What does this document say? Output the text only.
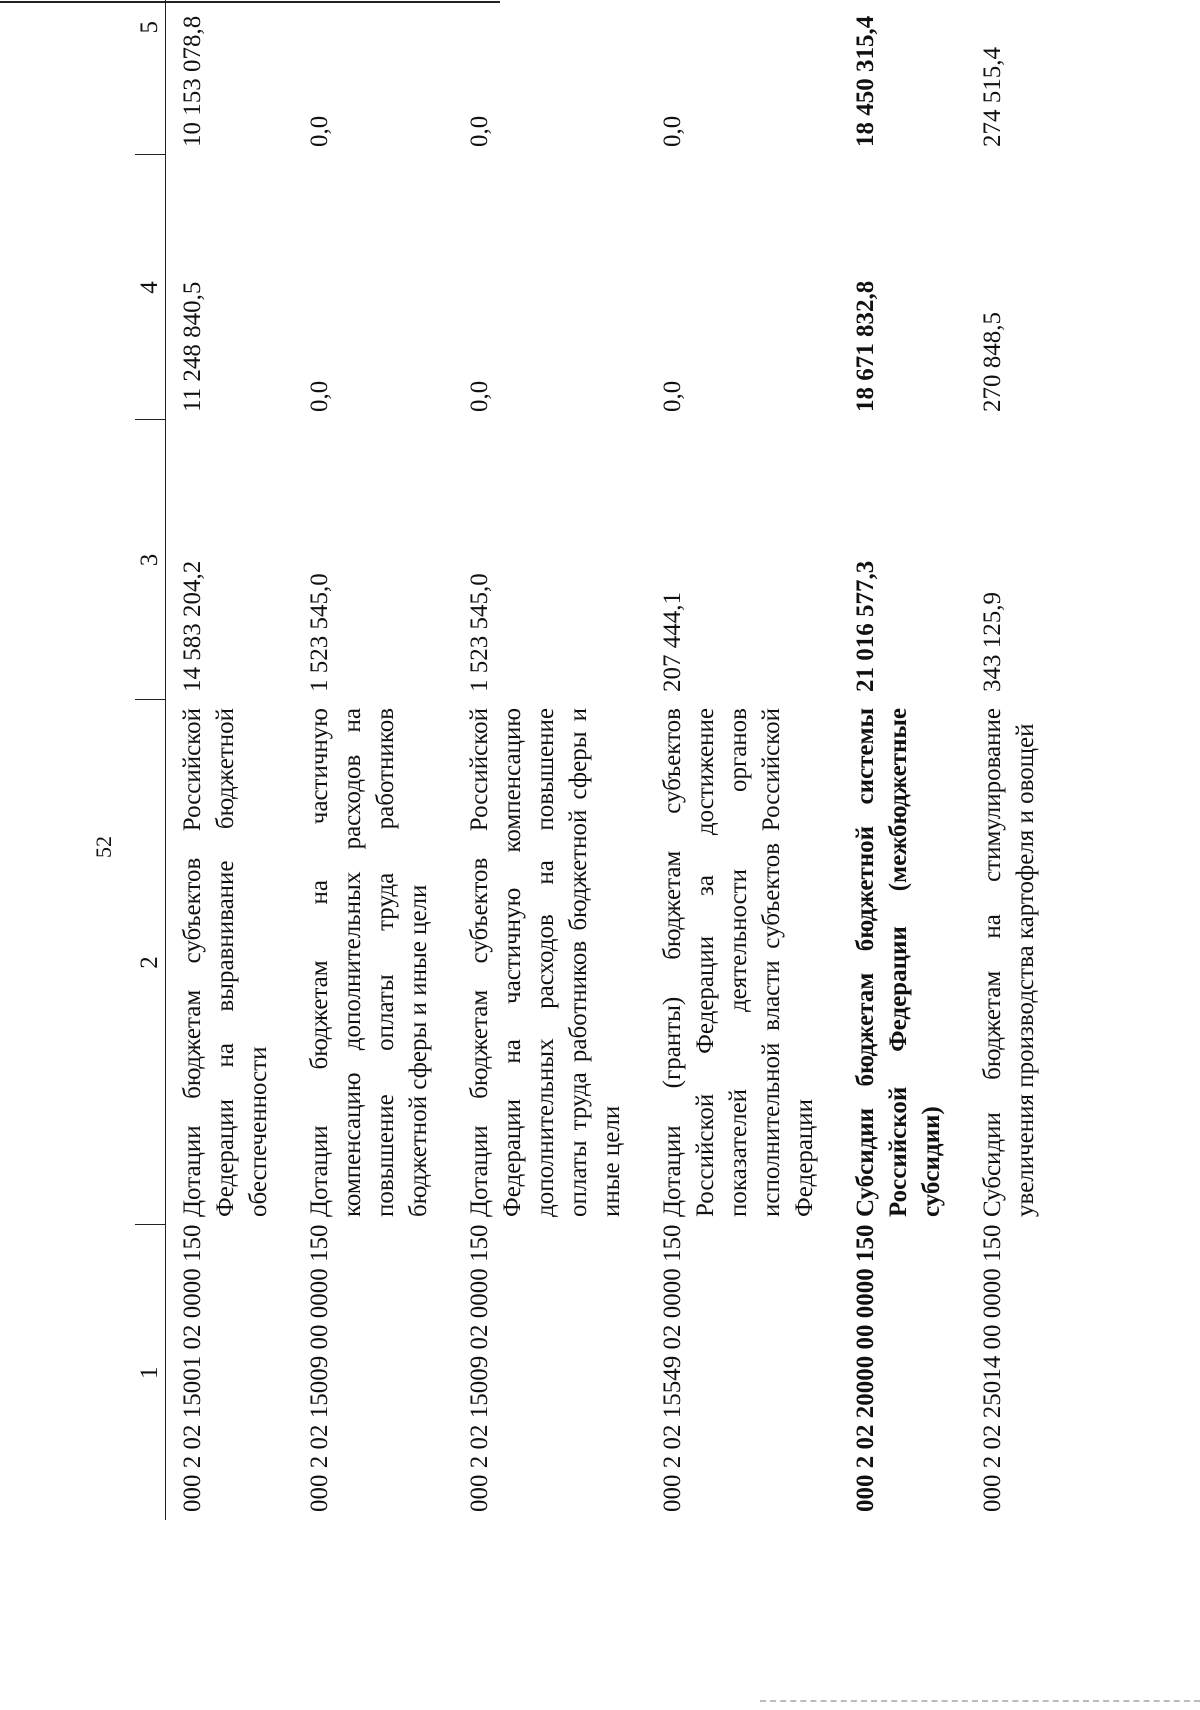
52
1	2	3	4	5
000 2 02 15001 02 0000 150	Дотации бюджетам субъектов Российской Федерации на выравнивание бюджетной обеспеченности	14 583 204,2	11 248 840,5	10 153 078,8
000 2 02 15009 00 0000 150	Дотации бюджетам на частичную компенсацию дополнительных расходов на повышение оплаты труда работников бюджетной сферы и иные цели	1 523 545,0	0,0	0,0
000 2 02 15009 02 0000 150	Дотации бюджетам субъектов Российской Федерации на частичную компенсацию дополнительных расходов на повышение оплаты труда работников бюджетной сферы и иные цели	1 523 545,0	0,0	0,0
000 2 02 15549 02 0000 150	Дотации (гранты) бюджетам субъектов Российской Федерации за достижение показателей деятельности органов исполнительной власти субъектов Российской Федерации	207 444,1	0,0	0,0
000 2 02 20000 00 0000 150	Субсидии бюджетам бюджетной системы Российской Федерации (межбюджетные субсидии)	21 016 577,3	18 671 832,8	18 450 315,4
000 2 02 25014 00 0000 150	Субсидии бюджетам на стимулирование увеличения производства картофеля и овощей	343 125,9	270 848,5	274 515,4
